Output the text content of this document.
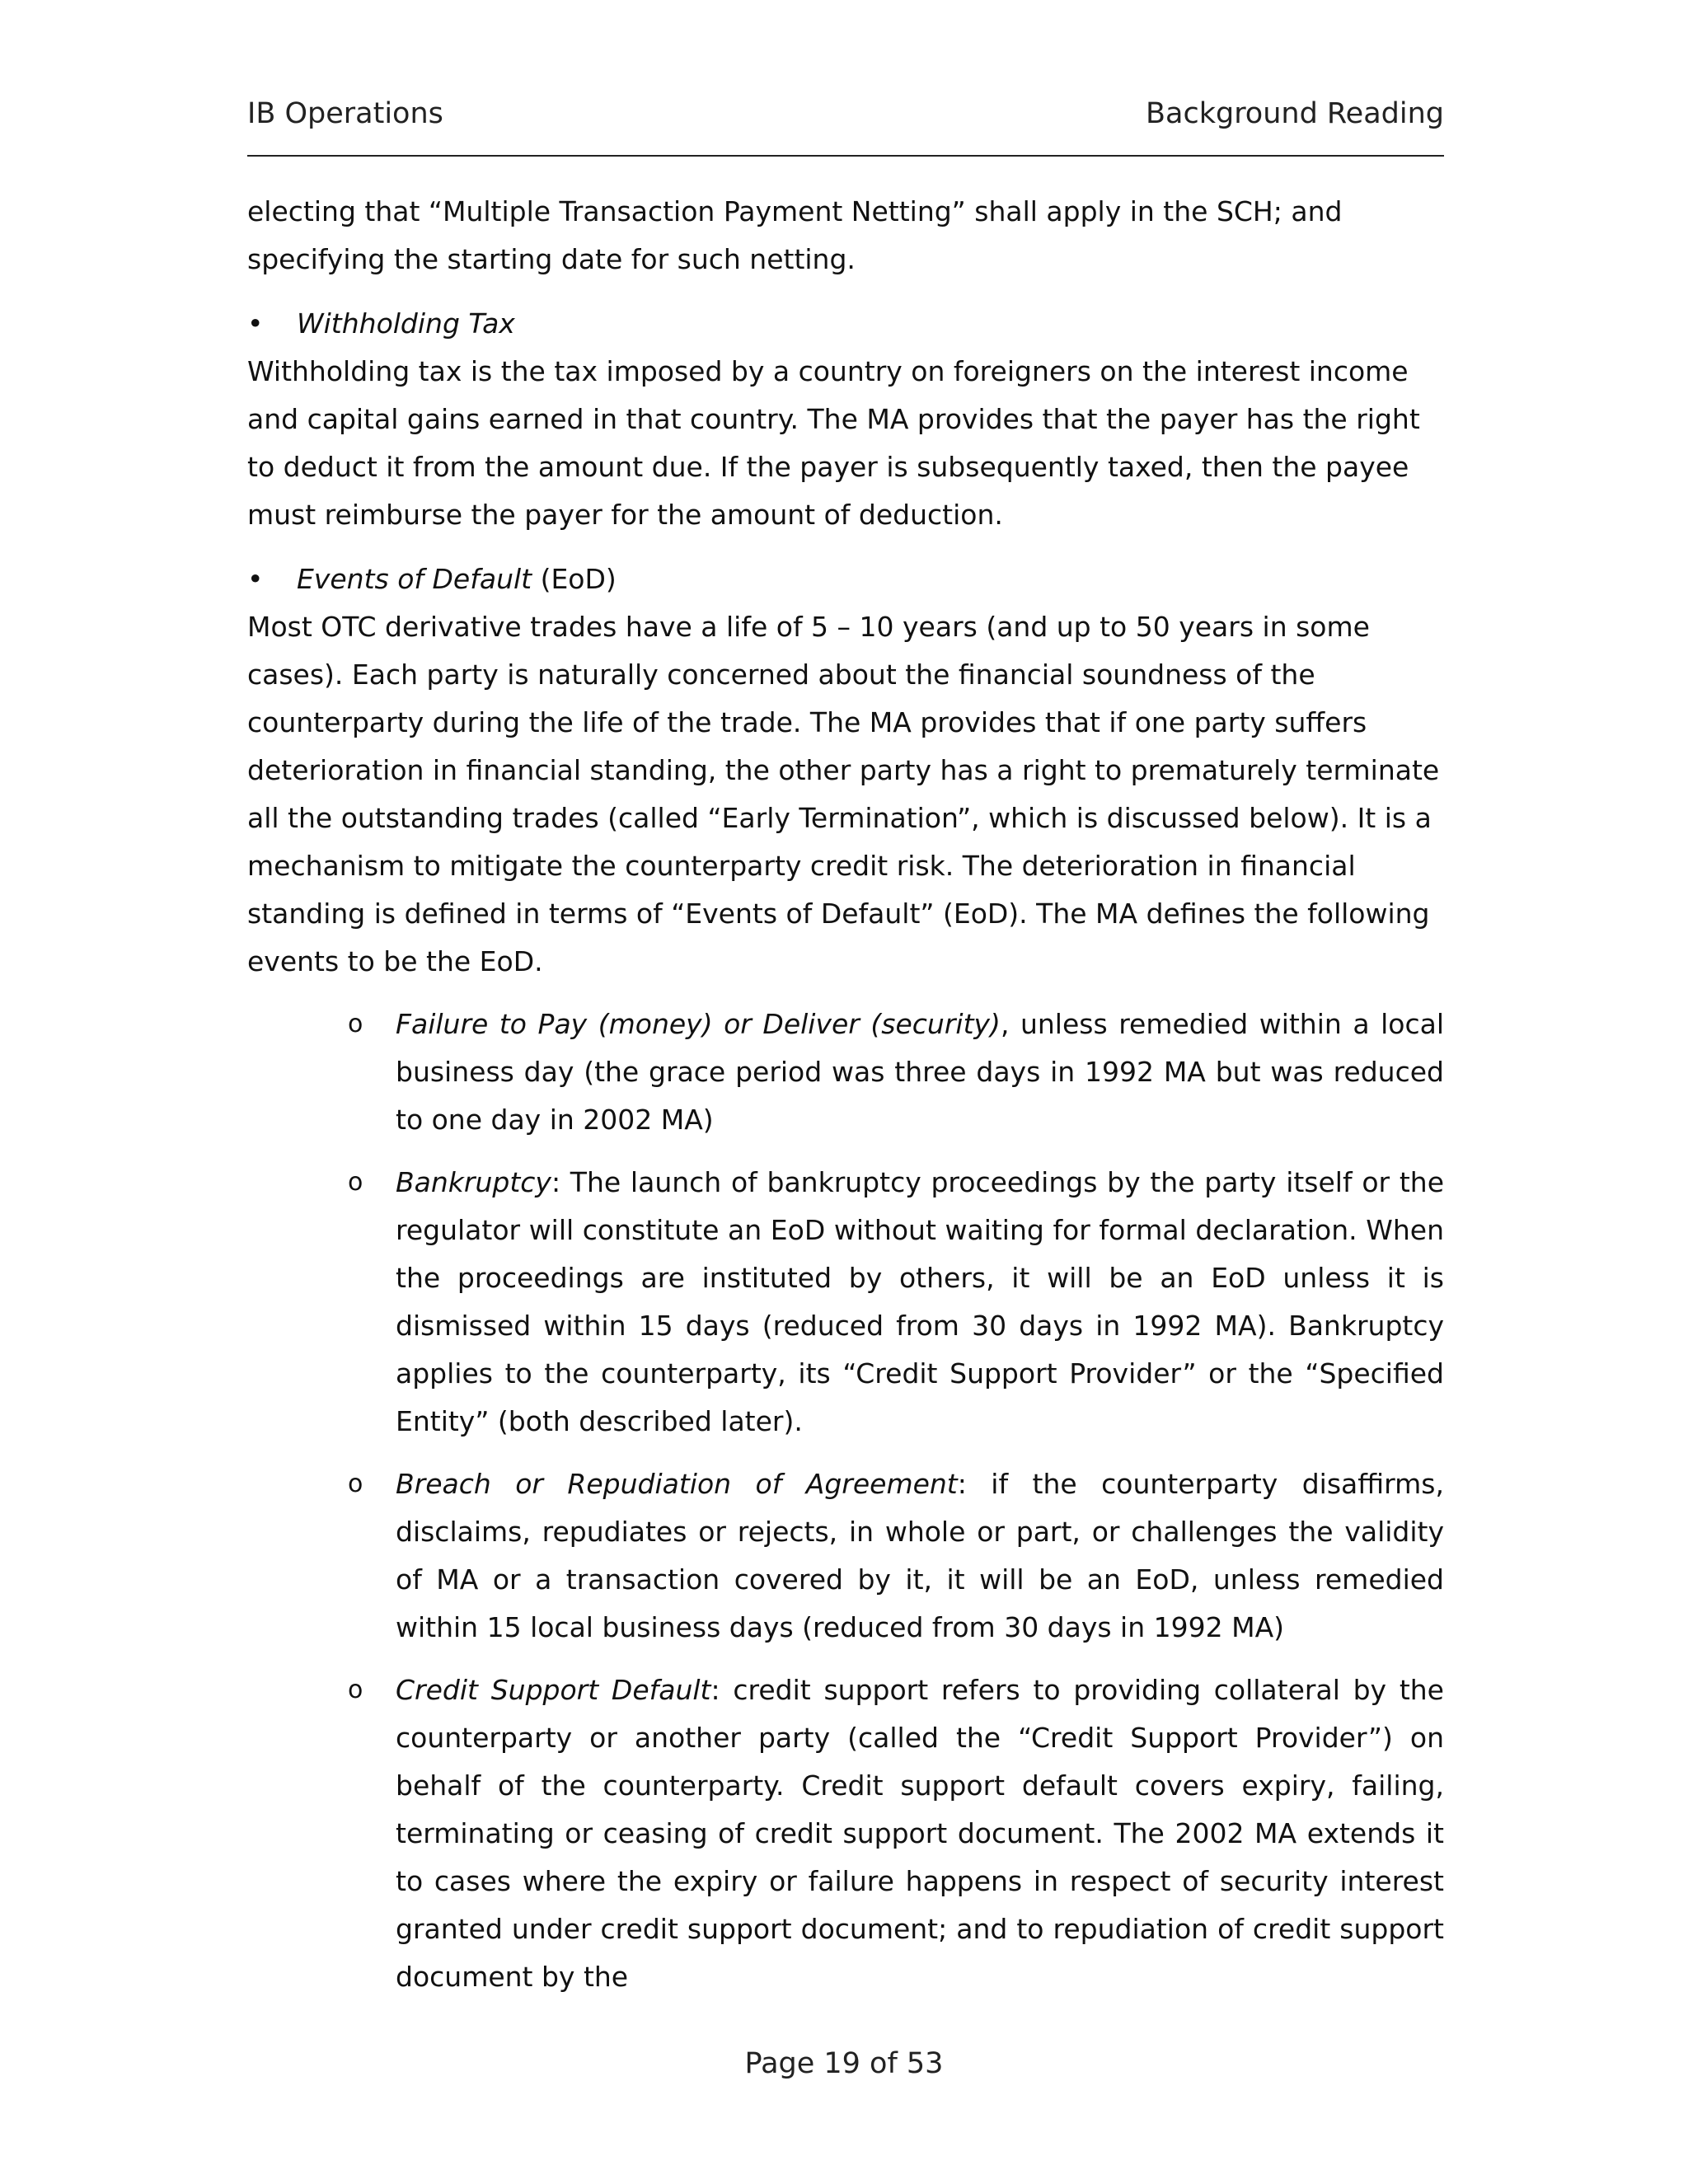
IB Operations	Background Reading

electing that “Multiple Transaction Payment Netting” shall apply in the SCH; and specifying the starting date for such netting.

•	Withholding Tax

Withholding tax is the tax imposed by a country on foreigners on the interest income and capital gains earned in that country. The MA provides that the payer has the right to deduct it from the amount due. If the payer is subsequently taxed, then the payee must reimburse the payer for the amount of deduction.

•	Events of Default (EoD)

Most OTC derivative trades have a life of 5 – 10 years (and up to 50 years in some cases). Each party is naturally concerned about the financial soundness of the counterparty during the life of the trade. The MA provides that if one party suffers deterioration in financial standing, the other party has a right to prematurely terminate all the outstanding trades (called “Early Termination”, which is discussed below). It is a mechanism to mitigate the counterparty credit risk. The deterioration in financial standing is defined in terms of “Events of Default” (EoD). The MA defines the following events to be the EoD.

o Failure to Pay (money) or Deliver (security), unless remedied within a local business day (the grace period was three days in 1992 MA but was reduced to one day in 2002 MA)
o Bankruptcy: The launch of bankruptcy proceedings by the party itself or the regulator will constitute an EoD without waiting for formal declaration. When the proceedings are instituted by others, it will be an EoD unless it is dismissed within 15 days (reduced from 30 days in 1992 MA). Bankruptcy applies to the counterparty, its “Credit Support Provider” or the “Specified Entity” (both described later).
o Breach or Repudiation of Agreement: if the counterparty disaffirms, disclaims, repudiates or rejects, in whole or part, or challenges the validity of MA or a transaction covered by it, it will be an EoD, unless remedied within 15 local business days (reduced from 30 days in 1992 MA)
o Credit Support Default: credit support refers to providing collateral by the counterparty or another party (called the “Credit Support Provider”) on behalf of the counterparty. Credit support default covers expiry, failing, terminating or ceasing of credit support document. The 2002 MA extends it to cases where the expiry or failure happens in respect of security interest granted under credit support document; and to repudiation of credit support document by the
Page 19 of 53
